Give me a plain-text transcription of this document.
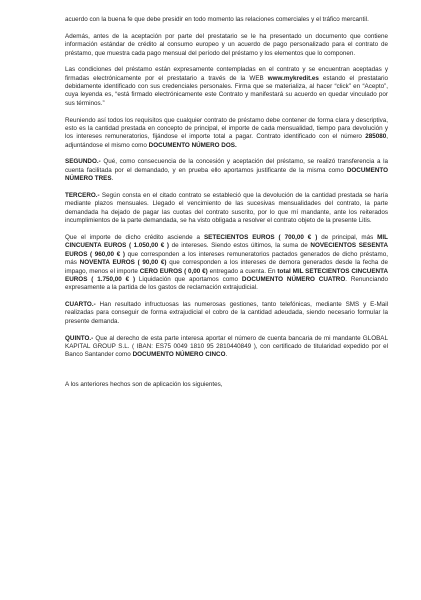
acuerdo con la buena fe que debe presidir en todo momento las relaciones comerciales y el tráfico mercantil.

Además, antes de la aceptación por parte del prestatario se le ha presentado un documento que contiene información estándar de crédito al consumo europeo y un acuerdo de pago personalizado para el contrato de préstamo, que muestra cada pago mensual del período del préstamo y los elementos que lo componen.

Las condiciones del préstamo están expresamente contempladas en el contrato y se encuentran aceptadas y firmadas electrónicamente por el prestatario a través de la WEB www.mykredit.es estando el prestatario debidamente identificado con sus credenciales personales. Firma que se materializa, al hacer “click” en “Acepto”, cuya leyenda es, “está firmado electrónicamente este Contrato y manifestará su acuerdo en quedar vinculado por sus términos.”

Reuniendo así todos los requisitos que cualquier contrato de préstamo debe contener de forma clara y descriptiva, esto es la cantidad prestada en concepto de principal, el importe de cada mensualidad, tiempo para devolución y los intereses remuneratorios, fijándose el importe total a pagar. Contrato identificado con el número 285080, adjuntándose el mismo como DOCUMENTO NÚMERO DOS.

SEGUNDO.- Qué, como consecuencia de la concesión y aceptación del préstamo, se realizó transferencia a la cuenta facilitada por el demandado, y en prueba ello aportamos justificante de la misma como DOCUMENTO NÚMERO TRES.

TERCERO.- Según consta en el citado contrato se estableció que la devolución de la cantidad prestada se haría mediante plazos mensuales. Llegado el vencimiento de las sucesivas mensualidades del contrato, la parte demandada ha dejado de pagar las cuotas del contrato suscrito, por lo que mí mandante, ante los reiterados incumplimientos de la parte demandada, se ha visto obligada a resolver el contrato objeto de la presente Litis.

Que el importe de dicho crédito asciende a SETECIENTOS EUROS ( 700,00 € ) de principal, más MIL CINCUENTA EUROS ( 1.050,00 € ) de intereses. Siendo estos últimos, la suma de NOVECIENTOS SESENTA EUROS ( 960,00 € ) que corresponden a los intereses remuneratorios pactados generados de dicho préstamo, más NOVENTA EUROS ( 90,00 €) que corresponden a los intereses de demora generados desde la fecha de impago, menos el importe CERO EUROS ( 0,00 €) entregado a cuenta. En total MIL SETECIENTOS CINCUENTA EUROS ( 1.750,00 € ) Liquidación que aportamos como DOCUMENTO NÚMERO CUATRO. Renunciando expresamente a la partida de los gastos de reclamación extrajudicial.

CUARTO.- Han resultado infructuosas las numerosas gestiones, tanto telefónicas, mediante SMS y E-Mail realizadas para conseguir de forma extrajudicial el cobro de la cantidad adeudada, siendo necesario formular la presente demanda.

QUINTO.- Que al derecho de esta parte interesa aportar el número de cuenta bancaria de mi mandante GLOBAL KAPITAL GROUP S.L. ( IBAN: ES75 0049 1810 95 2810440849 ), con certificado de titularidad expedido por el Banco Santander como DOCUMENTO NÚMERO CINCO.

A los anteriores hechos son de aplicación los siguientes,
